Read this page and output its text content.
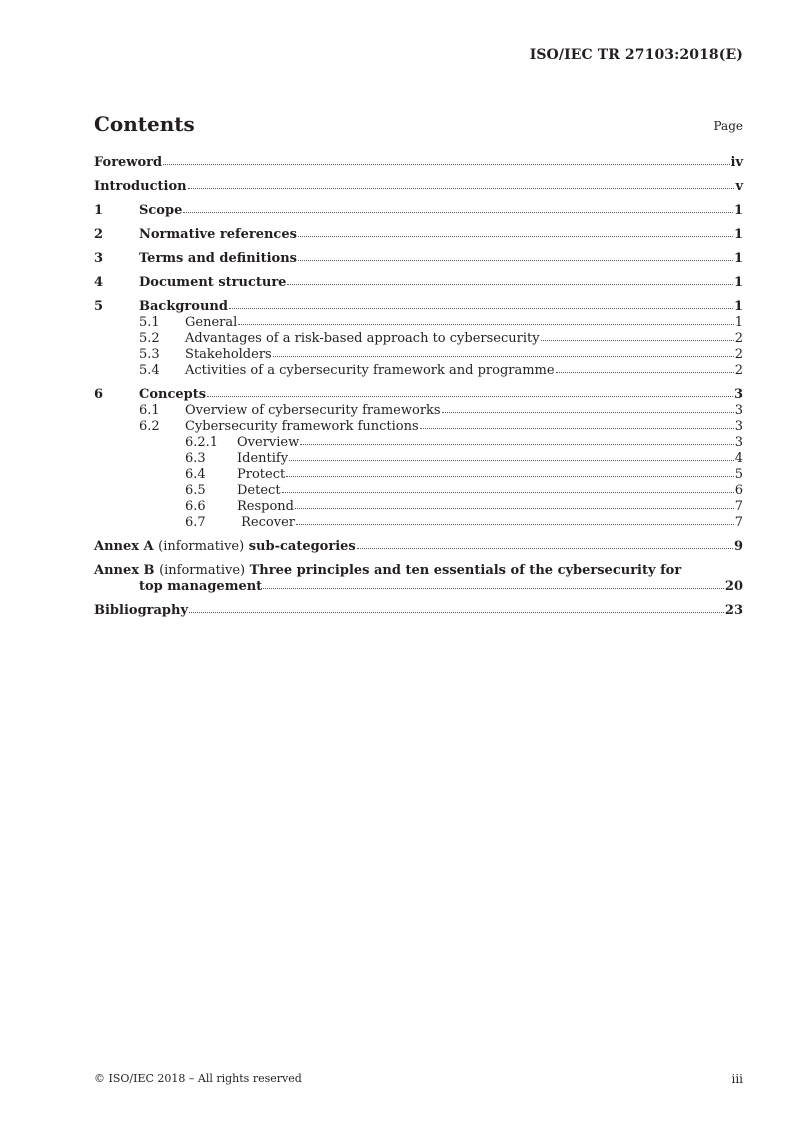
ISO/IEC TR 27103:2018(E)
Contents	Page
Foreword	iv
Introduction	v
1	Scope	1
2	Normative references	1
3	Terms and definitions	1
4	Document structure	1
5	Background	1
5.1	General	1
5.2	Advantages of a risk-based approach to cybersecurity	2
5.3	Stakeholders	2
5.4	Activities of a cybersecurity framework and programme	2
6	Concepts	3
6.1	Overview of cybersecurity frameworks	3
6.2	Cybersecurity framework functions	3
6.2.1	Overview	3
6.3	Identify	4
6.4	Protect	5
6.5	Detect	6
6.6	Respond	7
6.7	Recover	7
Annex A (informative) sub-categories	9
Annex B (informative) Three principles and ten essentials of the cybersecurity for
top management	20
Bibliography	23
© ISO/IEC 2018 – All rights reserved	iii
